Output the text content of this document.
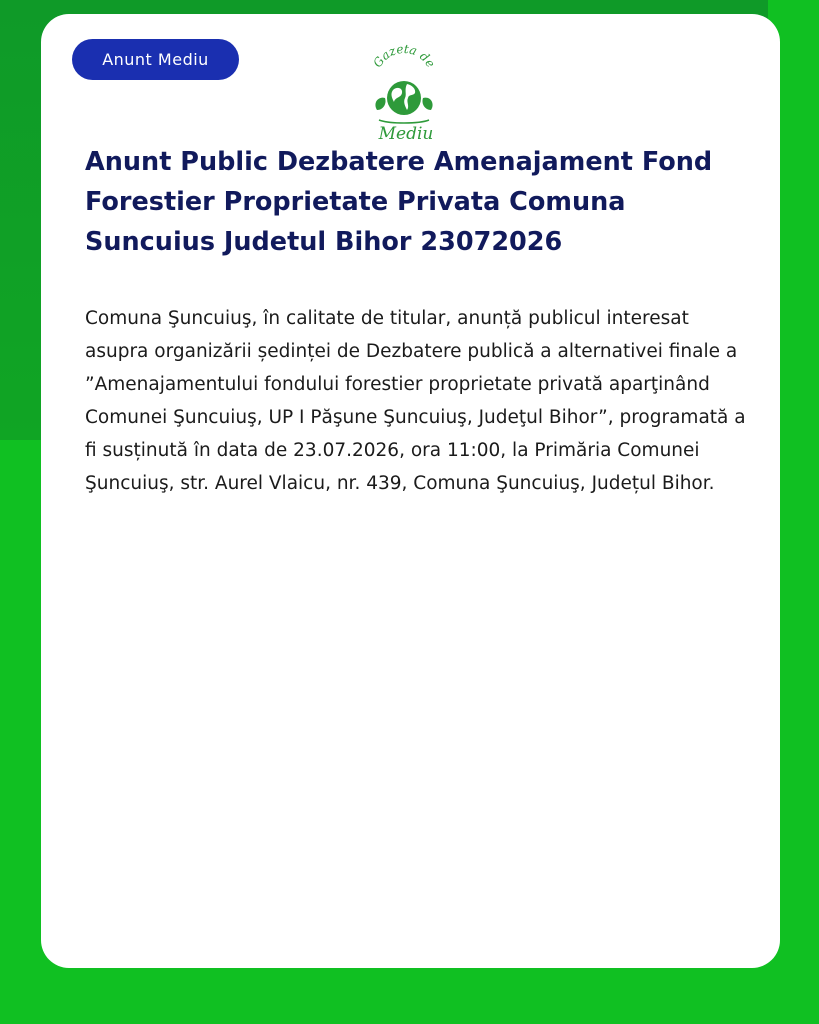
Anunt Mediu	Gazeta de
Mediu
Anunt Public Dezbatere Amenajament Fond Forestier Proprietate Privata Comuna Suncuius Judetul Bihor 23072026

Comuna Şuncuiuş, în calitate de titular, anunță publicul interesat asupra organizării ședinței de Dezbatere publică a alternativei finale a ”Amenajamentului fondului forestier proprietate privată aparţinând Comunei Şuncuiuş, UP I Păşune Şuncuiuş, Judeţul Bihor”, programată a fi susținută în data de 23.07.2026, ora 11:00, la Primăria Comunei Şuncuiuş, str. Aurel Vlaicu, nr. 439, Comuna Şuncuiuş, Județul Bihor.
